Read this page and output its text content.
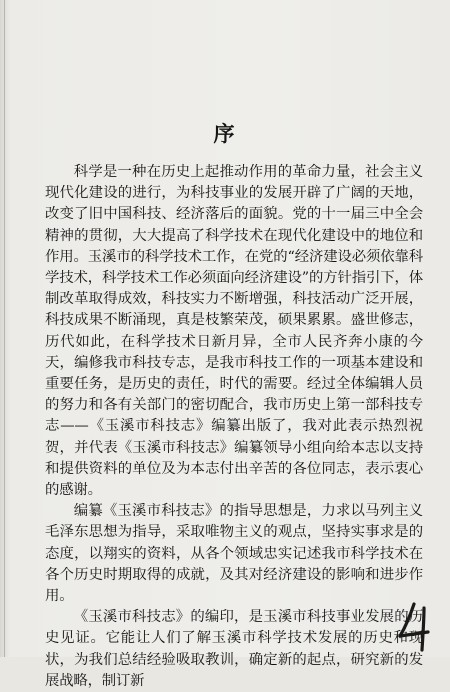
序

科学是一种在历史上起推动作用的革命力量，社会主义现代化建设的进行，为科技事业的发展开辟了广阔的天地，改变了旧中国科技、经济落后的面貌。党的十一届三中全会精神的贯彻，大大提高了科学技术在现代化建设中的地位和作用。玉溪市的科学技术工作，在党的“经济建设必须依靠科学技术，科学技术工作必须面向经济建设”的方针指引下，体制改革取得成效，科技实力不断增强，科技活动广泛开展，科技成果不断涌现，真是枝繁荣茂，硕果累累。盛世修志，历代如此，在科学技术日新月异，全市人民齐奔小康的今天，编修我市科技专志，是我市科技工作的一项基本建设和重要任务，是历史的责任，时代的需要。经过全体编辑人员的努力和各有关部门的密切配合，我市历史上第一部科技专志——《玉溪市科技志》编纂出版了，我对此表示热烈祝贺，并代表《玉溪市科技志》编纂领导小组向给本志以支持和提供资料的单位及为本志付出辛苦的各位同志，表示衷心的感谢。

编纂《玉溪市科技志》的指导思想是，力求以马列主义毛泽东思想为指导，采取唯物主义的观点，坚持实事求是的态度，以翔实的资料，从各个领域忠实记述我市科学技术在各个历史时期取得的成就，及其对经济建设的影响和进步作用。

《玉溪市科技志》的编印，是玉溪市科技事业发展的历史见证。它能让人们了解玉溪市科学技术发展的历史和现状，为我们总结经验吸取教训，确定新的起点，研究新的发展战略，制订新
